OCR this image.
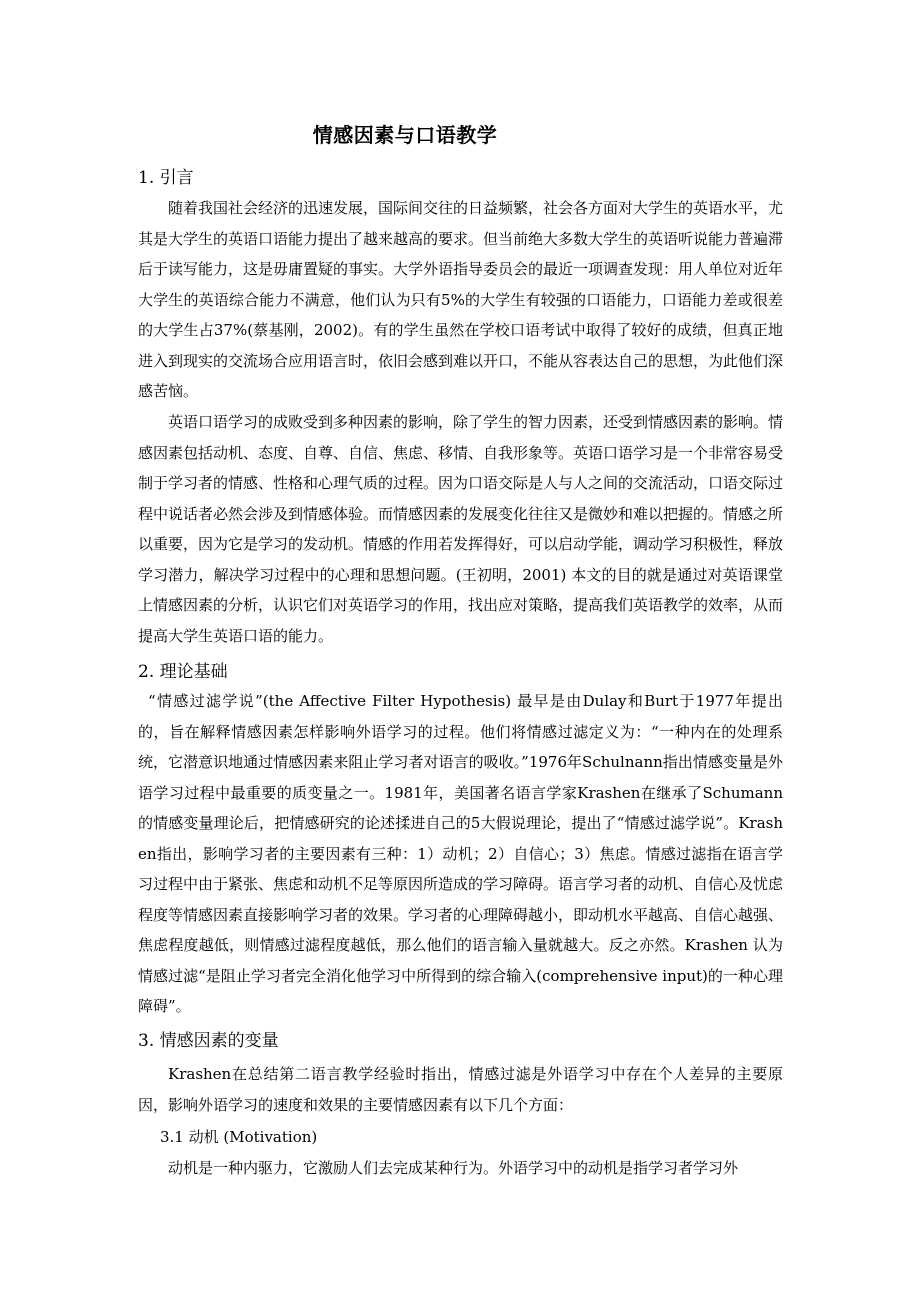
情感因素与口语教学
1. 引言

随着我国社会经济的迅速发展，国际间交往的日益频繁，社会各方面对大学生的英语水平，尤其是大学生的英语口语能力提出了越来越高的要求。但当前绝大多数大学生的英语听说能力普遍滞后于读写能力，这是毋庸置疑的事实。大学外语指导委员会的最近一项调查发现：用人单位对近年大学生的英语综合能力不满意，他们认为只有5%的大学生有较强的口语能力，口语能力差或很差的大学生占37%(蔡基刚，2002)。有的学生虽然在学校口语考试中取得了较好的成绩，但真正地进入到现实的交流场合应用语言时，依旧会感到难以开口，不能从容表达自己的思想，为此他们深感苦恼。

英语口语学习的成败受到多种因素的影响，除了学生的智力因素，还受到情感因素的影响。情感因素包括动机、态度、自尊、自信、焦虑、移情、自我形象等。英语口语学习是一个非常容易受制于学习者的情感、性格和心理气质的过程。因为口语交际是人与人之间的交流活动，口语交际过程中说话者必然会涉及到情感体验。而情感因素的发展变化往往又是微妙和难以把握的。情感之所以重要，因为它是学习的发动机。情感的作用若发挥得好，可以启动学能，调动学习积极性，释放学习潜力，解决学习过程中的心理和思想问题。(王初明，2001) 本文的目的就是通过对英语课堂上情感因素的分析，认识它们对英语学习的作用，找出应对策略，提高我们英语教学的效率，从而提高大学生英语口语的能力。

2. 理论基础

“情感过滤学说”(the Affective Filter Hypothesis) 最早是由Dulay和Burt于1977年提出的，旨在解释情感因素怎样影响外语学习的过程。他们将情感过滤定义为：“一种内在的处理系统，它潜意识地通过情感因素来阻止学习者对语言的吸收。”1976年Schulnann指出情感变量是外语学习过程中最重要的质变量之一。1981年，美国著名语言学家Krashen在继承了Schumann的情感变量理论后，把情感研究的论述揉进自己的5大假说理论，提出了“情感过滤学说”。Krashen指出，影响学习者的主要因素有三种：1）动机；2）自信心；3）焦虑。情感过滤指在语言学习过程中由于紧张、焦虑和动机不足等原因所造成的学习障碍。语言学习者的动机、自信心及忧虑程度等情感因素直接影响学习者的效果。学习者的心理障碍越小，即动机水平越高、自信心越强、焦虑程度越低，则情感过滤程度越低，那么他们的语言输入量就越大。反之亦然。Krashen 认为情感过滤“是阻止学习者完全消化他学习中所得到的综合输入(comprehensive input)的一种心理障碍”。

3. 情感因素的变量

Krashen在总结第二语言教学经验时指出，情感过滤是外语学习中存在个人差异的主要原因，影响外语学习的速度和效果的主要情感因素有以下几个方面：

3.1 动机 (Motivation)

动机是一种内驱力，它激励人们去完成某种行为。外语学习中的动机是指学习者学习外
